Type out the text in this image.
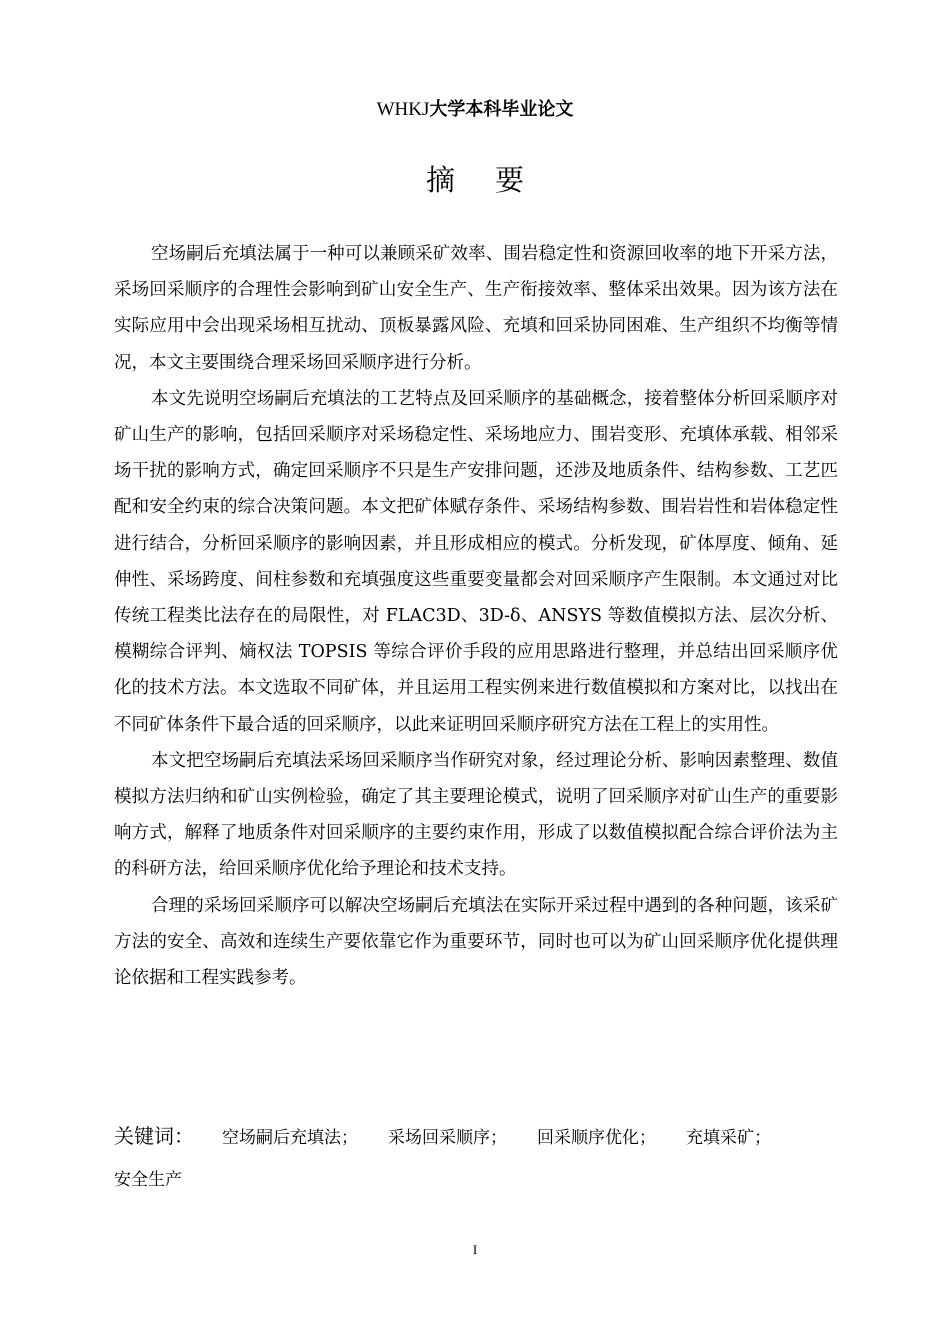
WHKJ大学本科毕业论文
摘要

空场嗣后充填法属于一种可以兼顾采矿效率、围岩稳定性和资源回收率的地下开采方法，采场回采顺序的合理性会影响到矿山安全生产、生产衔接效率、整体采出效果。因为该方法在实际应用中会出现采场相互扰动、顶板暴露风险、充填和回采协同困难、生产组织不均衡等情况，本文主要围绕合理采场回采顺序进行分析。

本文先说明空场嗣后充填法的工艺特点及回采顺序的基础概念，接着整体分析回采顺序对矿山生产的影响，包括回采顺序对采场稳定性、采场地应力、围岩变形、充填体承载、相邻采场干扰的影响方式，确定回采顺序不只是生产安排问题，还涉及地质条件、结构参数、工艺匹配和安全约束的综合决策问题。本文把矿体赋存条件、采场结构参数、围岩岩性和岩体稳定性进行结合，分析回采顺序的影响因素，并且形成相应的模式。分析发现，矿体厚度、倾角、延伸性、采场跨度、间柱参数和充填强度这些重要变量都会对回采顺序产生限制。本文通过对比传统工程类比法存在的局限性，对 FLAC3D、3D-δ、ANSYS 等数值模拟方法、层次分析、模糊综合评判、熵权法 TOPSIS 等综合评价手段的应用思路进行整理，并总结出回采顺序优化的技术方法。本文选取不同矿体，并且运用工程实例来进行数值模拟和方案对比，以找出在不同矿体条件下最合适的回采顺序，以此来证明回采顺序研究方法在工程上的实用性。

本文把空场嗣后充填法采场回采顺序当作研究对象，经过理论分析、影响因素整理、数值模拟方法归纳和矿山实例检验，确定了其主要理论模式，说明了回采顺序对矿山生产的重要影响方式，解释了地质条件对回采顺序的主要约束作用，形成了以数值模拟配合综合评价法为主的科研方法，给回采顺序优化给予理论和技术支持。

合理的采场回采顺序可以解决空场嗣后充填法在实际开采过程中遇到的各种问题，该采矿方法的安全、高效和连续生产要依靠它作为重要环节，同时也可以为矿山回采顺序优化提供理论依据和工程实践参考。

关键词： 空场嗣后充填法； 采场回采顺序； 回采顺序优化； 充填采矿；
安全生产
I
